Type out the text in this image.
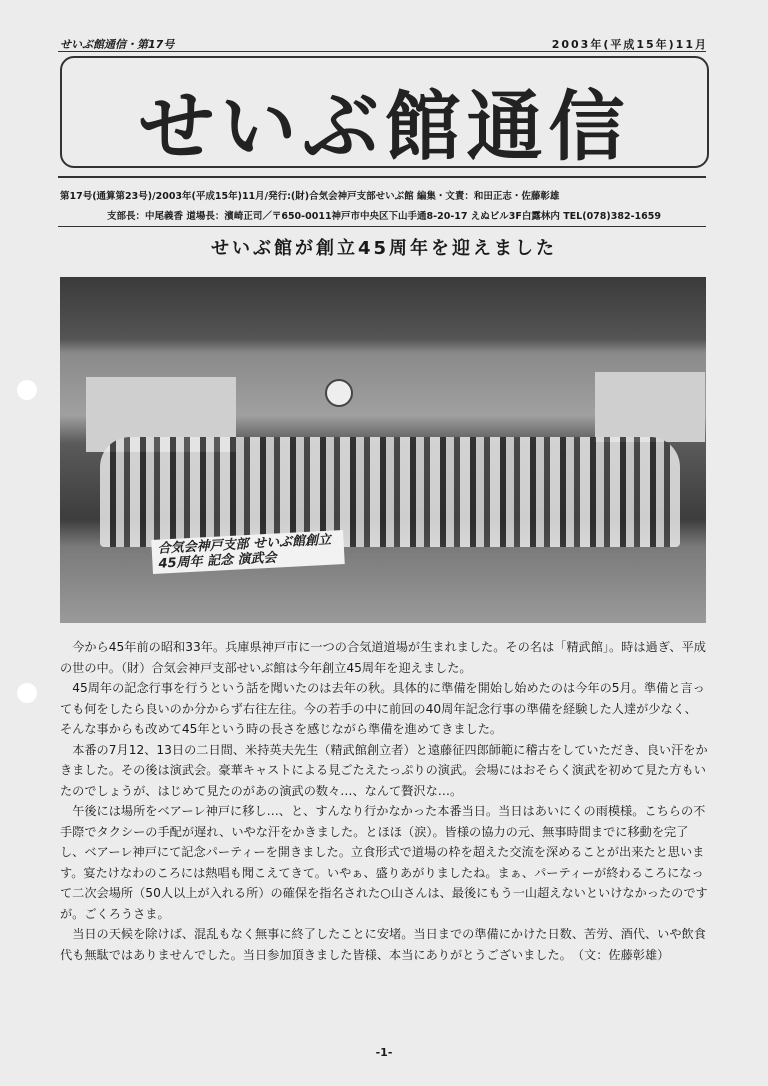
せいぶ館通信・第17号	2003年(平成15年)11月
せいぶ館通信
第17号(通算第23号)/2003年(平成15年)11月/発行:(財)合気会神戸支部せいぶ館 編集・文責：和田正志・佐藤彰雄
支部長：中尾義香 道場長：濱崎正司／〒650-0011神戸市中央区下山手通8-20-17 えぬビル3F白露林内 TEL(078)382-1659
せいぶ館が創立45周年を迎えました
合気会神戸支部 せいぶ館創立45周年 記念 演武会

今から45年前の昭和33年。兵庫県神戸市に一つの合気道道場が生まれました。その名は「精武館」。時は過ぎ、平成の世の中。（財）合気会神戸支部せいぶ館は今年創立45周年を迎えました。

45周年の記念行事を行うという話を聞いたのは去年の秋。具体的に準備を開始し始めたのは今年の5月。準備と言っても何をしたら良いのか分からず右往左往。今の若手の中に前回の40周年記念行事の準備を経験した人達が少なく、そんな事からも改めて45年という時の長さを感じながら準備を進めてきました。

本番の7月12、13日の二日間、米持英夫先生（精武館創立者）と遠藤征四郎師範に稽古をしていただき、良い汗をかきました。その後は演武会。豪華キャストによる見ごたえたっぷりの演武。会場にはおそらく演武を初めて見た方もいたのでしょうが、はじめて見たのがあの演武の数々…、なんて贅沢な…。

午後には場所をベアーレ神戸に移し…、と、すんなり行かなかった本番当日。当日はあいにくの雨模様。こちらの不手際でタクシーの手配が遅れ、いやな汗をかきました。とほほ（涙）。皆様の協力の元、無事時間までに移動を完了し、ベアーレ神戸にて記念パーティーを開きました。立食形式で道場の枠を超えた交流を深めることが出来たと思います。宴たけなわのころには熱唱も聞こえてきて。いやぁ、盛りあがりましたね。まぁ、パーティーが終わるころになって二次会場所（50人以上が入れる所）の確保を指名された○山さんは、最後にもう一山超えないといけなかったのですが。ごくろうさま。

当日の天候を除けば、混乱もなく無事に終了したことに安堵。当日までの準備にかけた日数、苦労、酒代、いや飲食代も無駄ではありませんでした。当日参加頂きました皆様、本当にありがとうございました。　（文：佐藤彰雄）

-1-
